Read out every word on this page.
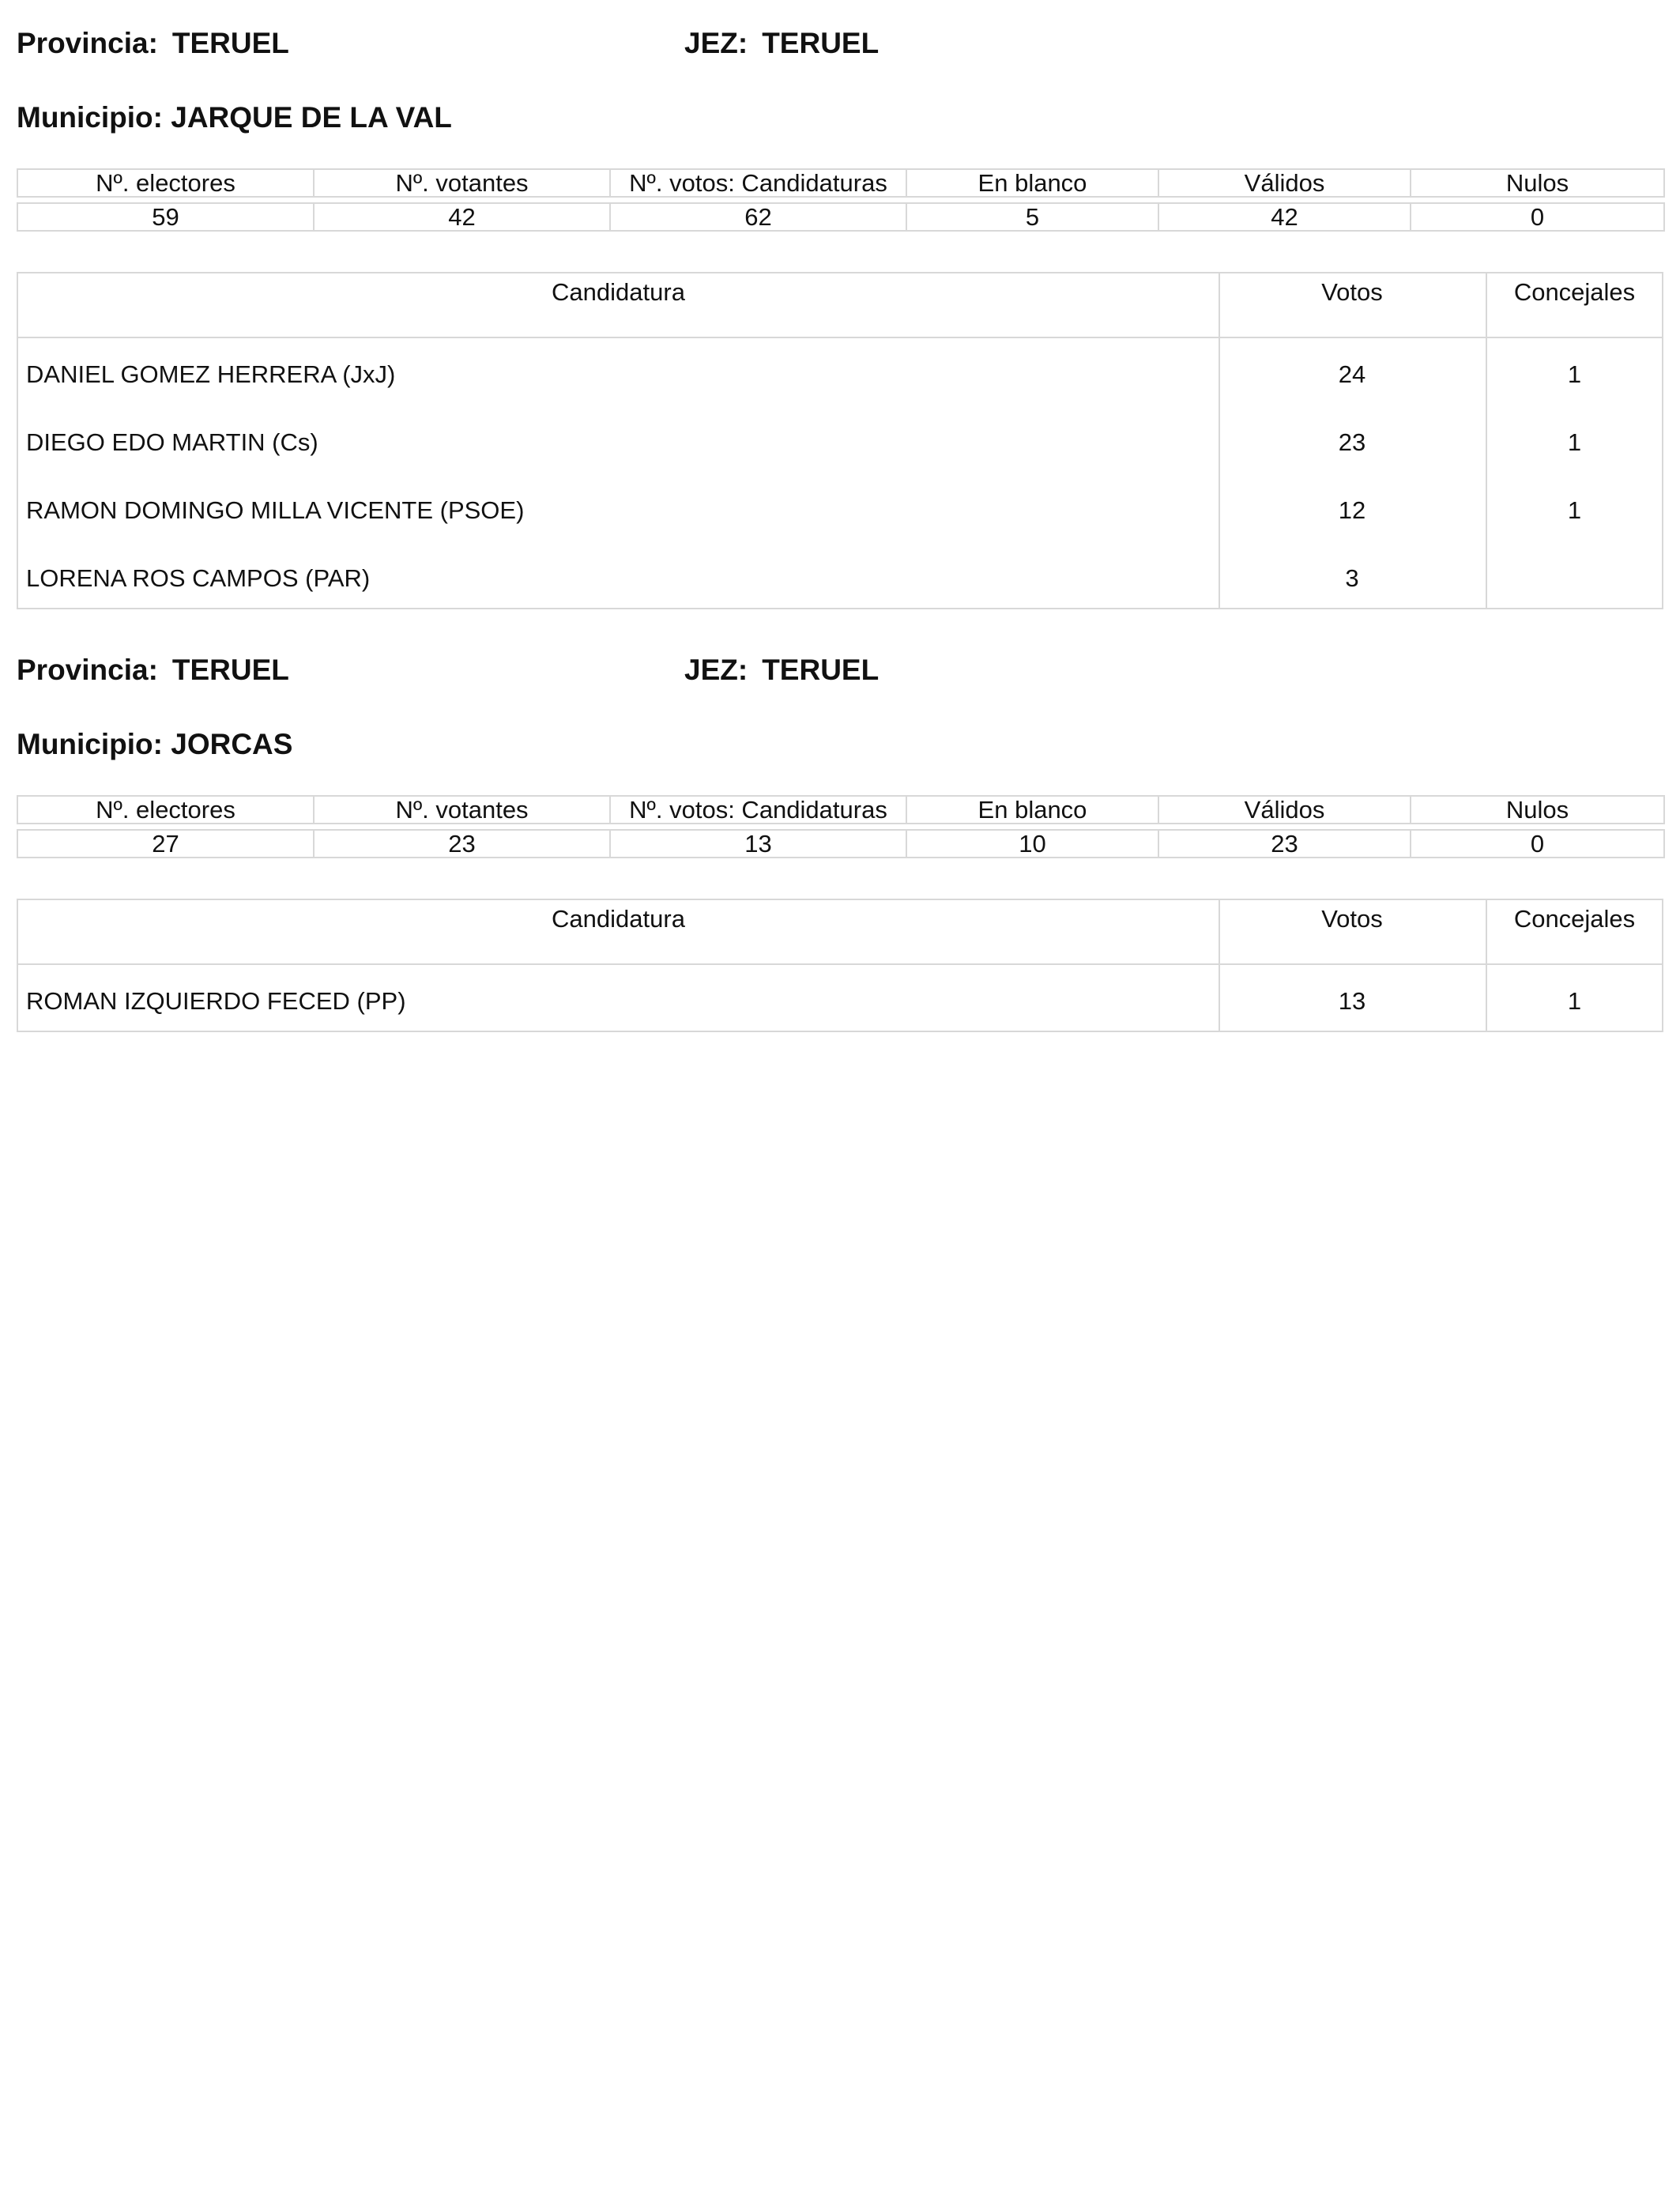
Provincia: TERUEL	JEZ: TERUEL
Municipio: JARQUE DE LA VAL
Nº. electores	Nº. votantes	Nº. votos: Candidaturas	En blanco	Válidos	Nulos

59	42	62	5	42	0
Candidatura	Votos	Concejales
DANIEL GOMEZ HERRERA (JxJ)	24	1
DIEGO EDO MARTIN (Cs)	23	1
RAMON DOMINGO MILLA VICENTE (PSOE)	12	1
LORENA ROS CAMPOS (PAR)	3
Provincia: TERUEL	JEZ: TERUEL
Municipio: JORCAS
Nº. electores	Nº. votantes	Nº. votos: Candidaturas	En blanco	Válidos	Nulos

27	23	13	10	23	0
Candidatura	Votos	Concejales
ROMAN IZQUIERDO FECED (PP)	13	1
